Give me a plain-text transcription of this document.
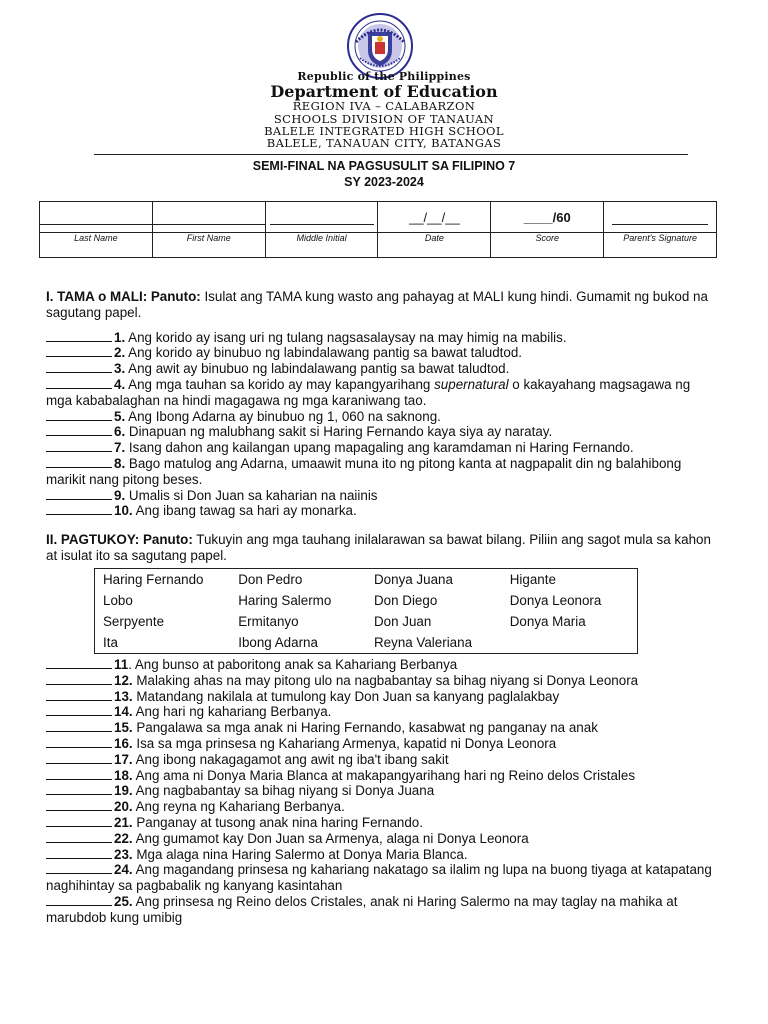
Republic of the Philippines
Department of Education
REGION IVA – CALABARZON
SCHOOLS DIVISION OF TANAUAN
BALELE INTEGRATED HIGH SCHOOL
BALELE, TANAUAN CITY, BATANGAS
SEMI-FINAL NA PAGSUSULIT SA FILIPINO 7
SY 2023-2024
			__/__/__	____/60	
Last Name	First Name	Middle Initial	Date	Score	Parent's Signature

I. TAMA o MALI: Panuto: Isulat ang TAMA kung wasto ang pahayag at MALI kung hindi. Gumamit ng bukod na sagutang papel.

1. Ang korido ay isang uri ng tulang nagsasalaysay na may himig na mabilis.

2. Ang korido ay binubuo ng labindalawang pantig sa bawat taludtod.

3. Ang awit ay binubuo ng labindalawang pantig sa bawat taludtod.

4. Ang mga tauhan sa korido ay may kapangyarihang supernatural o kakayahang magsagawa ng mga kababalaghan na hindi magagawa ng mga karaniwang tao.

5. Ang Ibong Adarna ay binubuo ng 1, 060 na saknong.

6. Dinapuan ng malubhang sakit si Haring Fernando kaya siya ay naratay.

7. Isang dahon ang kailangan upang mapagaling ang karamdaman ni Haring Fernando.

8. Bago matulog ang Adarna, umaawit muna ito ng pitong kanta at nagpapalit din ng balahibong marikit nang pitong beses.

9. Umalis si Don Juan sa kaharian na naiinis

10. Ang ibang tawag sa hari ay monarka.

II. PAGTUKOY: Panuto: Tukuyin ang mga tauhang inilalarawan sa bawat bilang. Piliin ang sagot mula sa kahon at isulat ito sa sagutang papel.

Haring Fernando	Don Pedro	Donya Juana	Higante
Lobo	Haring Salermo	Don Diego	Donya Leonora
Serpyente	Ermitanyo	Don Juan	Donya Maria
Ita	Ibong Adarna	Reyna Valeriana	

11. Ang bunso at paboritong anak sa Kahariang Berbanya

12. Malaking ahas na may pitong ulo na nagbabantay sa bihag niyang si Donya Leonora

13. Matandang nakilala at tumulong kay Don Juan sa kanyang paglalakbay

14. Ang hari ng kahariang Berbanya.

15. Pangalawa sa mga anak ni Haring Fernando, kasabwat ng panganay na anak

16. Isa sa mga prinsesa ng Kahariang Armenya, kapatid ni Donya Leonora

17. Ang ibong nakagagamot ang awit ng iba't ibang sakit

18. Ang ama ni Donya Maria Blanca at makapangyarihang hari ng Reino delos Cristales

19. Ang nagbabantay sa bihag niyang si Donya Juana

20. Ang reyna ng Kahariang Berbanya.

21. Panganay at tusong anak nina haring Fernando.

22. Ang gumamot kay Don Juan sa Armenya, alaga ni Donya Leonora

23. Mga alaga nina Haring Salermo at Donya Maria Blanca.

24. Ang magandang prinsesa ng kahariang nakatago sa ilalim ng lupa na buong tiyaga at katapatang naghihintay sa pagbabalik ng kanyang kasintahan

25. Ang prinsesa ng Reino delos Cristales, anak ni Haring Salermo na may taglay na mahika at marubdob kung umibig
